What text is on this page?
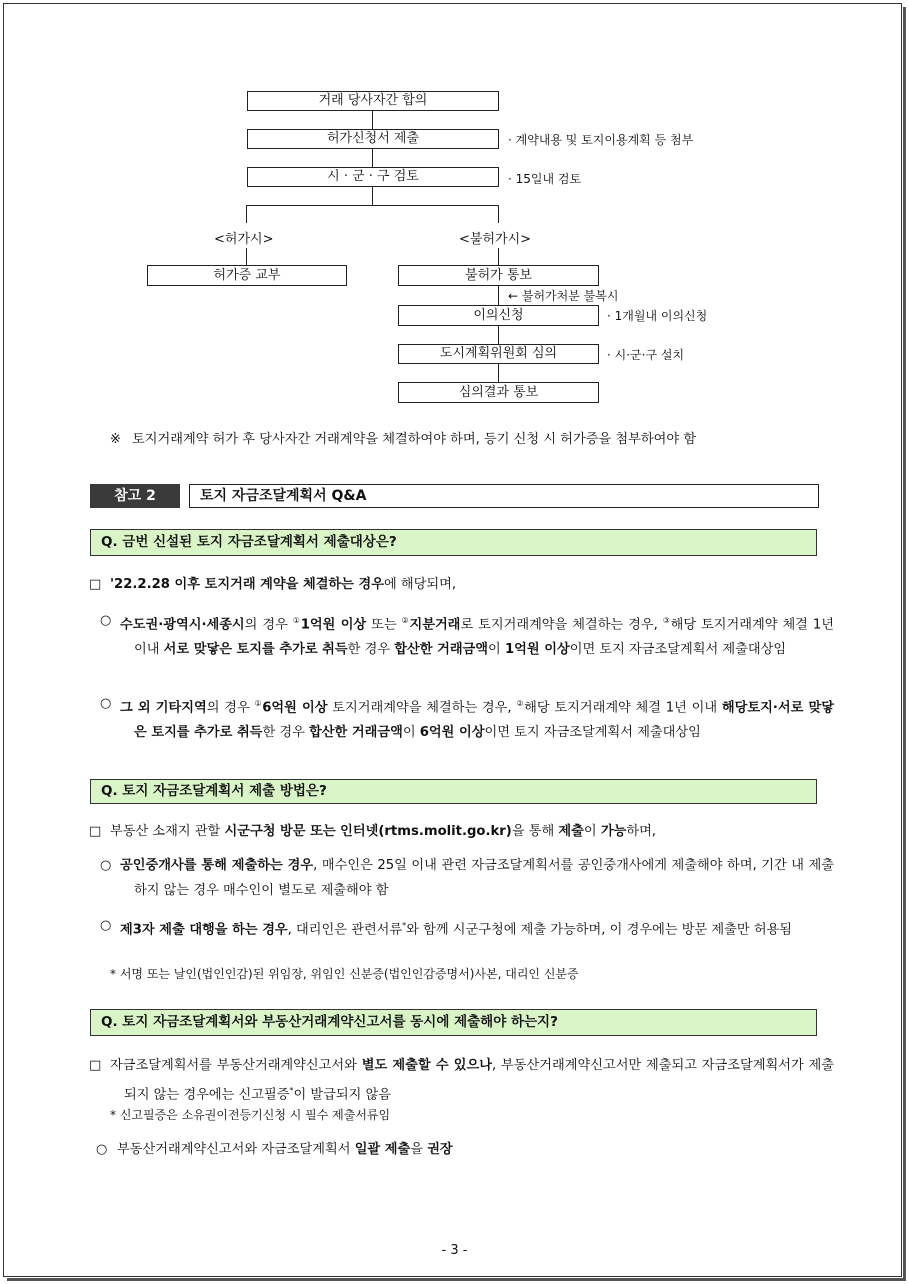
거래 당사자간 합의
허가신청서 제출	· 계약내용 및 토지이용계획 등 첨부
시 · 군 · 구 검토	· 15일내 검토
<허가시>	<불허가시>
허가증 교부	불허가 통보
← 불허가처분 불복시
이의신청	· 1개월내 이의신청
도시계획위원회 심의	· 시·군·구 설치
심의결과 통보
※ 토지거래계약 허가 후 당사자간 거래계약을 체결하여야 하며, 등기 신청 시 허가증을 첨부하여야 함
참고 2	토지 자금조달계획서 Q&A
Q. 금번 신설된 토지 자금조달계획서 제출대상은?
□ '22.2.28 이후 토지거래 계약을 체결하는 경우에 해당되며,
○ 수도권·광역시·세종시의 경우 ①1억원 이상 또는 ②지분거래로 토지거래계약을 체결하는 경우, ③해당 토지거래계약 체결 1년 이내 서로 맞닿은 토지를 추가로 취득한 경우 합산한 거래금액이 1억원 이상이면 토지 자금조달계획서 제출대상임
○ 그 외 기타지역의 경우 ①6억원 이상 토지거래계약을 체결하는 경우, ②해당 토지거래계약 체결 1년 이내 해당토지·서로 맞닿은 토지를 추가로 취득한 경우 합산한 거래금액이 6억원 이상이면 토지 자금조달계획서 제출대상임
Q. 토지 자금조달계획서 제출 방법은?
□ 부동산 소재지 관할 시군구청 방문 또는 인터넷(rtms.molit.go.kr)을 통해 제출이 가능하며,
○ 공인중개사를 통해 제출하는 경우, 매수인은 25일 이내 관련 자금조달계획서를 공인중개사에게 제출해야 하며, 기간 내 제출하지 않는 경우 매수인이 별도로 제출해야 함
○ 제3자 제출 대행을 하는 경우, 대리인은 관련서류*와 함께 시군구청에 제출 가능하며, 이 경우에는 방문 제출만 허용됨
* 서명 또는 날인(법인인감)된 위임장, 위임인 신분증(법인인감증명서)사본, 대리인 신분증
Q. 토지 자금조달계획서와 부동산거래계약신고서를 동시에 제출해야 하는지?
□ 자금조달계획서를 부동산거래계약신고서와 별도 제출할 수 있으나, 부동산거래계약신고서만 제출되고 자금조달계획서가 제출되지 않는 경우에는 신고필증*이 발급되지 않음
* 신고필증은 소유권이전등기신청 시 필수 제출서류임
○ 부동산거래계약신고서와 자금조달계획서 일괄 제출을 권장
- 3 -
